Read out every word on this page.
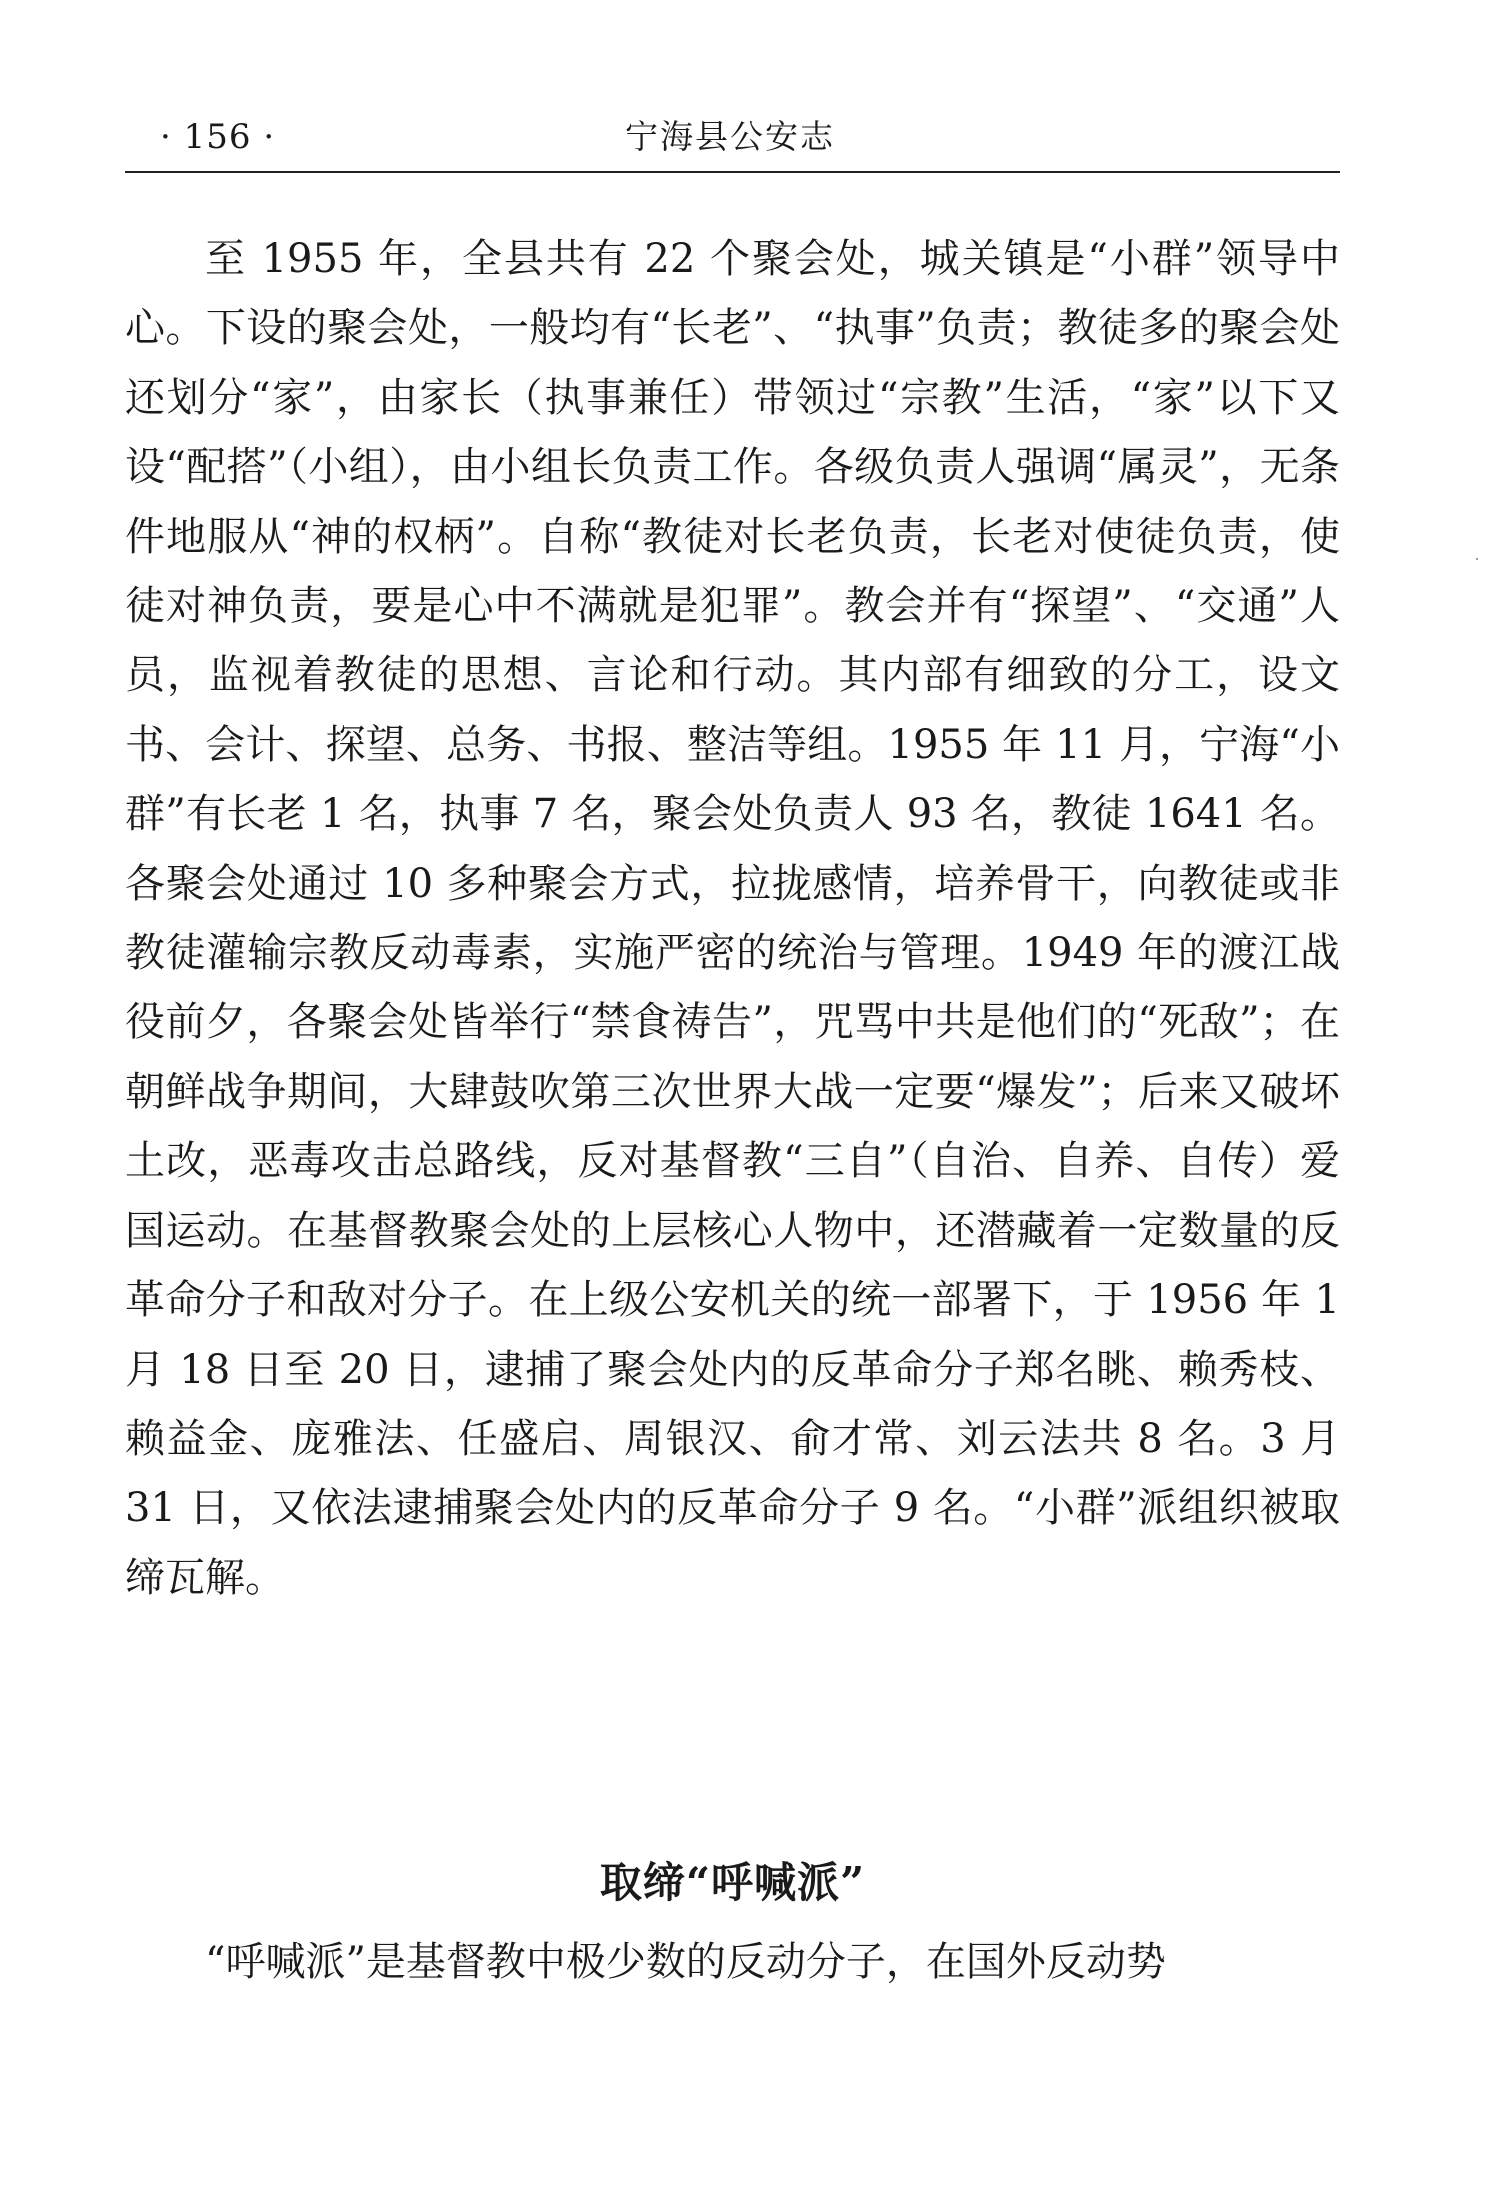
· 156 ·	宁海县公安志

至 1955 年，全县共有 22 个聚会处，城关镇是“小群”领导中心。下设的聚会处，一般均有“长老”、“执事”负责；教徒多的聚会处还划分“家”，由家长（执事兼任）带领过“宗教”生活，“家”以下又设“配搭”（小组），由小组长负责工作。各级负责人强调“属灵”，无条件地服从“神的权柄”。自称“教徒对长老负责，长老对使徒负责，使徒对神负责，要是心中不满就是犯罪”。教会并有“探望”、“交通”人员，监视着教徒的思想、言论和行动。其内部有细致的分工，设文书、会计、探望、总务、书报、整洁等组。1955 年 11 月，宁海“小群”有长老 1 名，执事 7 名，聚会处负责人 93 名，教徒 1641 名。各聚会处通过 10 多种聚会方式，拉拢感情，培养骨干，向教徒或非教徒灌输宗教反动毒素，实施严密的统治与管理。1949 年的渡江战役前夕，各聚会处皆举行“禁食祷告”，咒骂中共是他们的“死敌”；在朝鲜战争期间，大肆鼓吹第三次世界大战一定要“爆发”；后来又破坏土改，恶毒攻击总路线，反对基督教“三自”（自治、自养、自传）爱国运动。在基督教聚会处的上层核心人物中，还潜藏着一定数量的反革命分子和敌对分子。在上级公安机关的统一部署下，于 1956 年 1 月 18 日至 20 日，逮捕了聚会处内的反革命分子郑名眺、赖秀枝、赖益金、庞雅法、任盛启、周银汉、俞才常、刘云法共 8 名。3 月 31 日，又依法逮捕聚会处内的反革命分子 9 名。“小群”派组织被取缔瓦解。

取缔“呼喊派”

“呼喊派”是基督教中极少数的反动分子，在国外反动势
